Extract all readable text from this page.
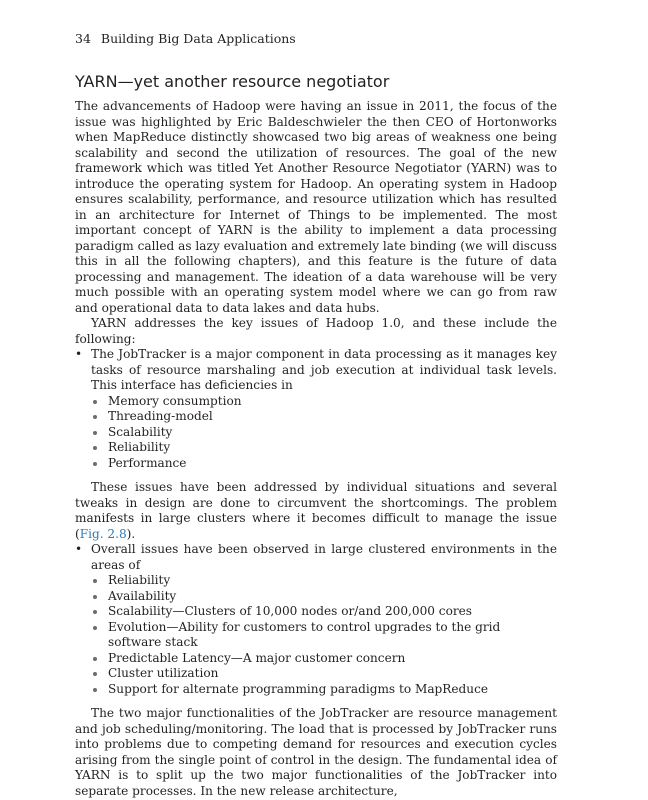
34 Building Big Data Applications
YARN—yet another resource negotiator

The advancements of Hadoop were having an issue in 2011, the focus of the issue was highlighted by Eric Baldeschwieler the then CEO of Hortonworks when MapReduce distinctly showcased two big areas of weakness one being scalability and second the utilization of resources. The goal of the new framework which was titled Yet Another Resource Negotiator (YARN) was to introduce the operating system for Hadoop. An operating system in Hadoop ensures scalability, performance, and resource utilization which has resulted in an architecture for Internet of Things to be implemented. The most important concept of YARN is the ability to implement a data processing paradigm called as lazy evaluation and extremely late binding (we will discuss this in all the following chapters), and this feature is the future of data processing and management. The ideation of a data warehouse will be very much possible with an operating system model where we can go from raw and operational data to data lakes and data hubs.

YARN addresses the key issues of Hadoop 1.0, and these include the following:

• The JobTracker is a major component in data processing as it manages key tasks of resource marshaling and job execution at individual task levels. This interface has deficiencies in
Memory consumption
Threading-model
Scalability
Reliability
Performance

These issues have been addressed by individual situations and several tweaks in design are done to circumvent the shortcomings. The problem manifests in large clusters where it becomes difficult to manage the issue (Fig. 2.8).

• Overall issues have been observed in large clustered environments in the areas of
Reliability
Availability
Scalability—Clusters of 10,000 nodes or/and 200,000 cores
Evolution—Ability for customers to control upgrades to the grid software stack
Predictable Latency—A major customer concern
Cluster utilization
Support for alternate programming paradigms to MapReduce

The two major functionalities of the JobTracker are resource management and job scheduling/monitoring. The load that is processed by JobTracker runs into problems due to competing demand for resources and execution cycles arising from the single point of control in the design. The fundamental idea of YARN is to split up the two major functionalities of the JobTracker into separate processes. In the new release architecture,
